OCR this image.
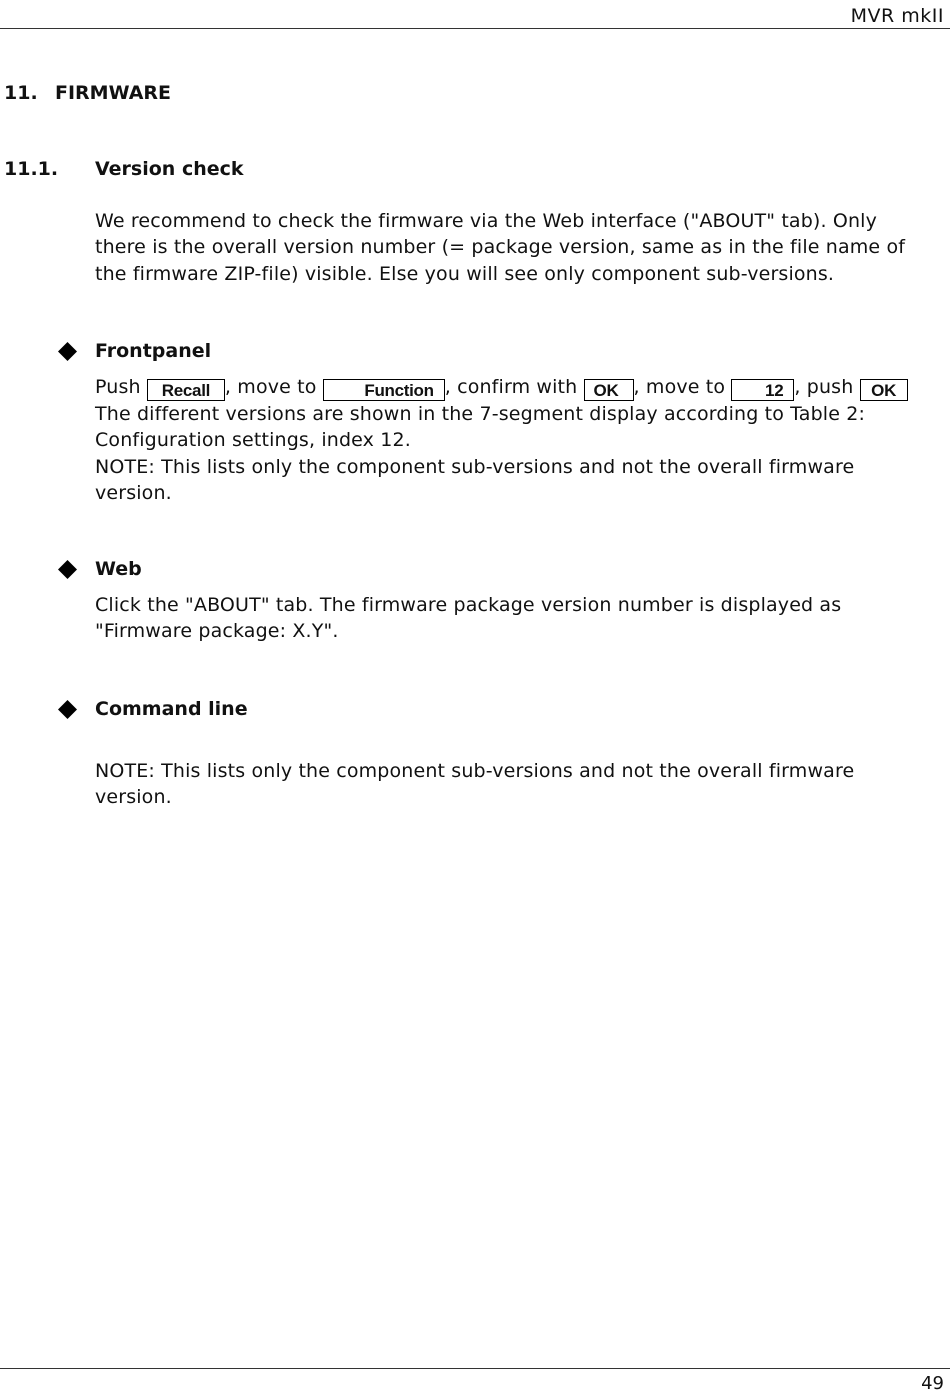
MVR mkII
11. FIRMWARE
11.1. Version check
We recommend to check the firmware via the Web interface ("ABOUT" tab). Only
there is the overall version number (= package version, same as in the file name of
the firmware ZIP-file) visible. Else you will see only component sub-versions.
Frontpanel
Push Recall , move to	Function , confirm with OK , move to 12 , push OK
The different versions are shown in the 7-segment display according to Table 2:
Configuration settings, index 12.
NOTE: This lists only the component sub-versions and not the overall firmware
version.
Web
Click the "ABOUT" tab. The firmware package version number is displayed as
"Firmware package: X.Y".
Command line
NOTE: This lists only the component sub-versions and not the overall firmware
version.
49
